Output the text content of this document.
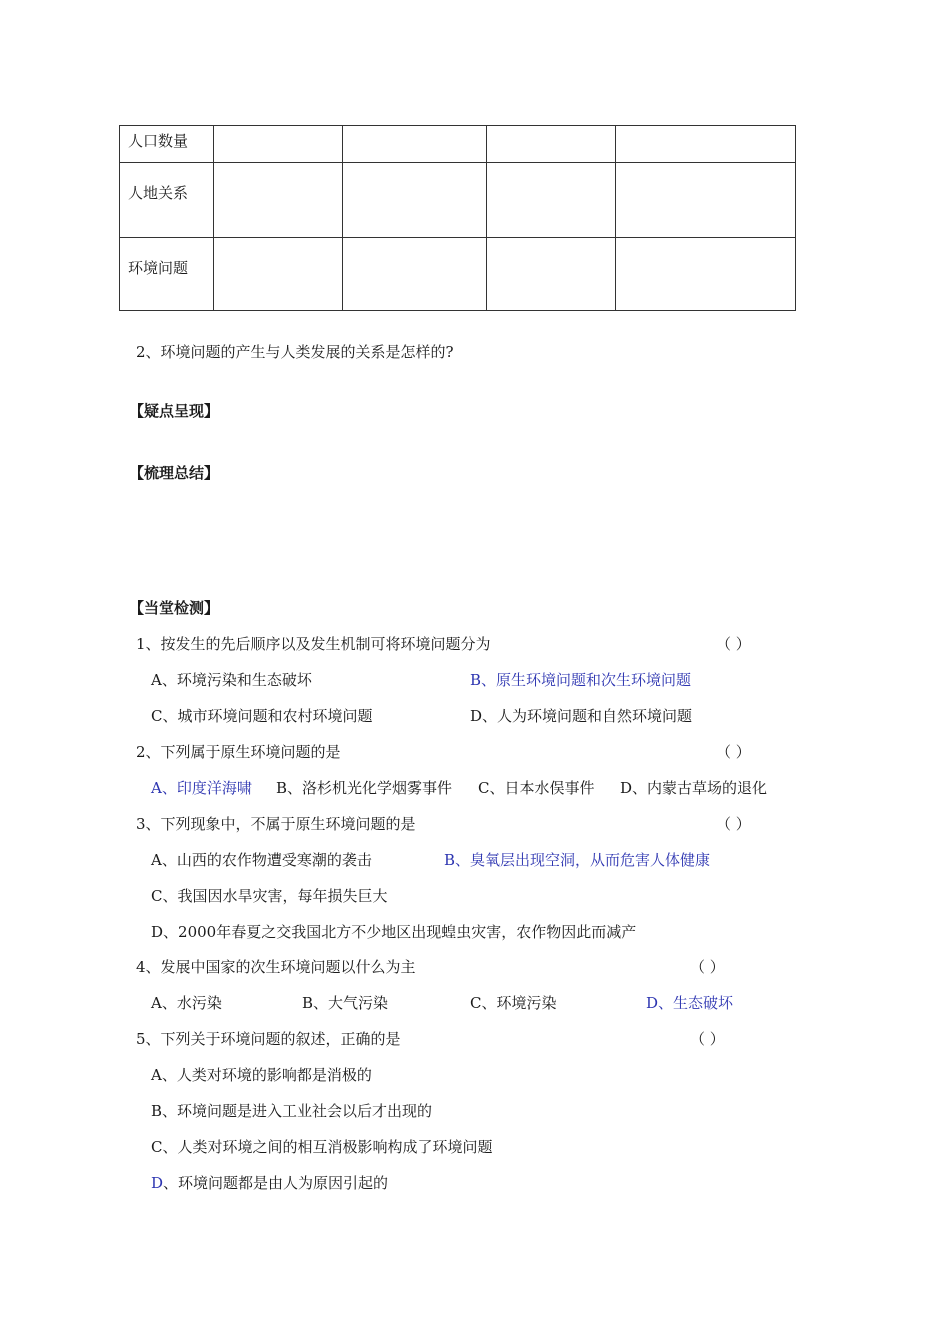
人口数量				
人地关系				
环境问题				
2、环境问题的产生与人类发展的关系是怎样的?
【疑点呈现】
【梳理总结】
【当堂检测】
1、按发生的先后顺序以及发生机制可将环境问题分为	（ ）
A、环境污染和生态破坏	B、原生环境问题和次生环境问题
C、城市环境问题和农村环境问题	D、人为环境问题和自然环境问题
2、下列属于原生环境问题的是	（ ）
A、印度洋海啸 B、洛杉机光化学烟雾事件 C、日本水俣事件 D、内蒙古草场的退化
3、下列现象中，不属于原生环境问题的是	（ ）
A、山西的农作物遭受寒潮的袭击	B、臭氧层出现空洞，从而危害人体健康
C、我国因水旱灾害，每年损失巨大
D、2000年春夏之交我国北方不少地区出现蝗虫灾害，农作物因此而减产
4、发展中国家的次生环境问题以什么为主	（ ）
A、水污染	B、大气污染	C、环境污染	D、生态破坏
5、下列关于环境问题的叙述，正确的是	（ ）
A、人类对环境的影响都是消极的
B、环境问题是进入工业社会以后才出现的
C、人类对环境之间的相互消极影响构成了环境问题
D、环境问题都是由人为原因引起的
